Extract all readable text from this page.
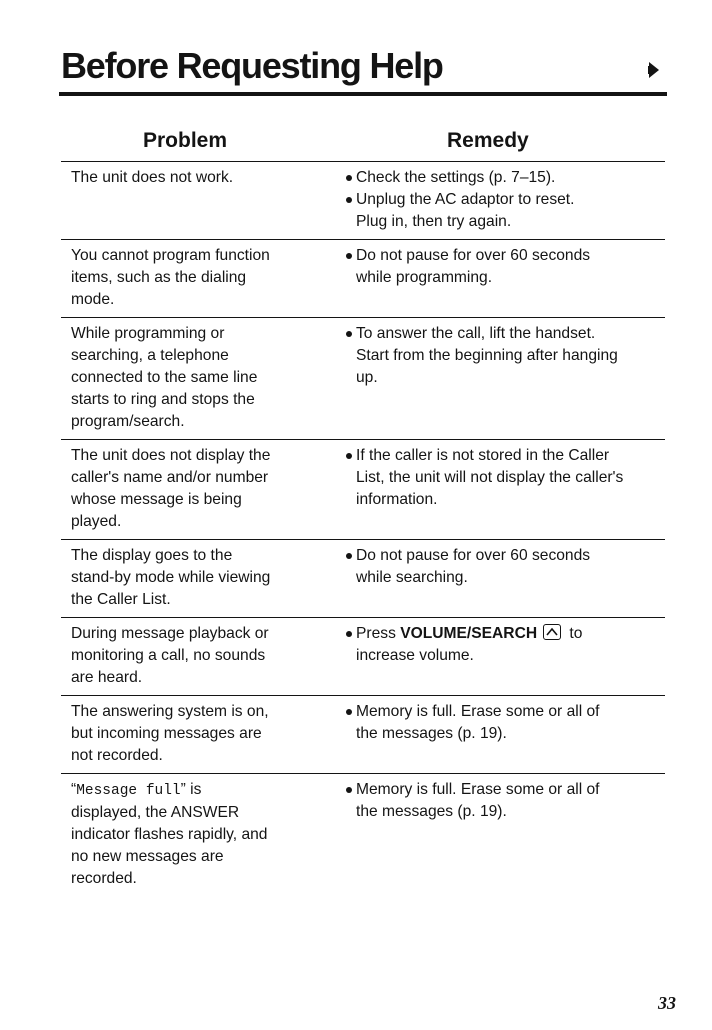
Before Requesting Help
Problem	Remedy
The unit does not work.	Check the settings (p. 7–15).
Unplug the AC adaptor to reset.
Plug in, then try again.
You cannot program function
items, such as the dialing
mode.
Do not pause for over 60 seconds
while programming.
While programming or
searching, a telephone
connected to the same line
starts to ring and stops the
program/search.
To answer the call, lift the handset.
Start from the beginning after hanging
up.
The unit does not display the
caller's name and/or number
whose message is being
played.
If the caller is not stored in the Caller
List, the unit will not display the caller's
information.
The display goes to the
stand-by mode while viewing
the Caller List.
Do not pause for over 60 seconds
while searching.
During message playback or
monitoring a call, no sounds
are heard.
Press VOLUME/SEARCH
to
increase volume.
The answering system is on,
but incoming messages are
not recorded.
Memory is full. Erase some or all of
the messages (p. 19).
“Message full” is
displayed, the ANSWER
indicator flashes rapidly, and
no new messages are
recorded.
Memory is full. Erase some or all of
the messages (p. 19).
33
